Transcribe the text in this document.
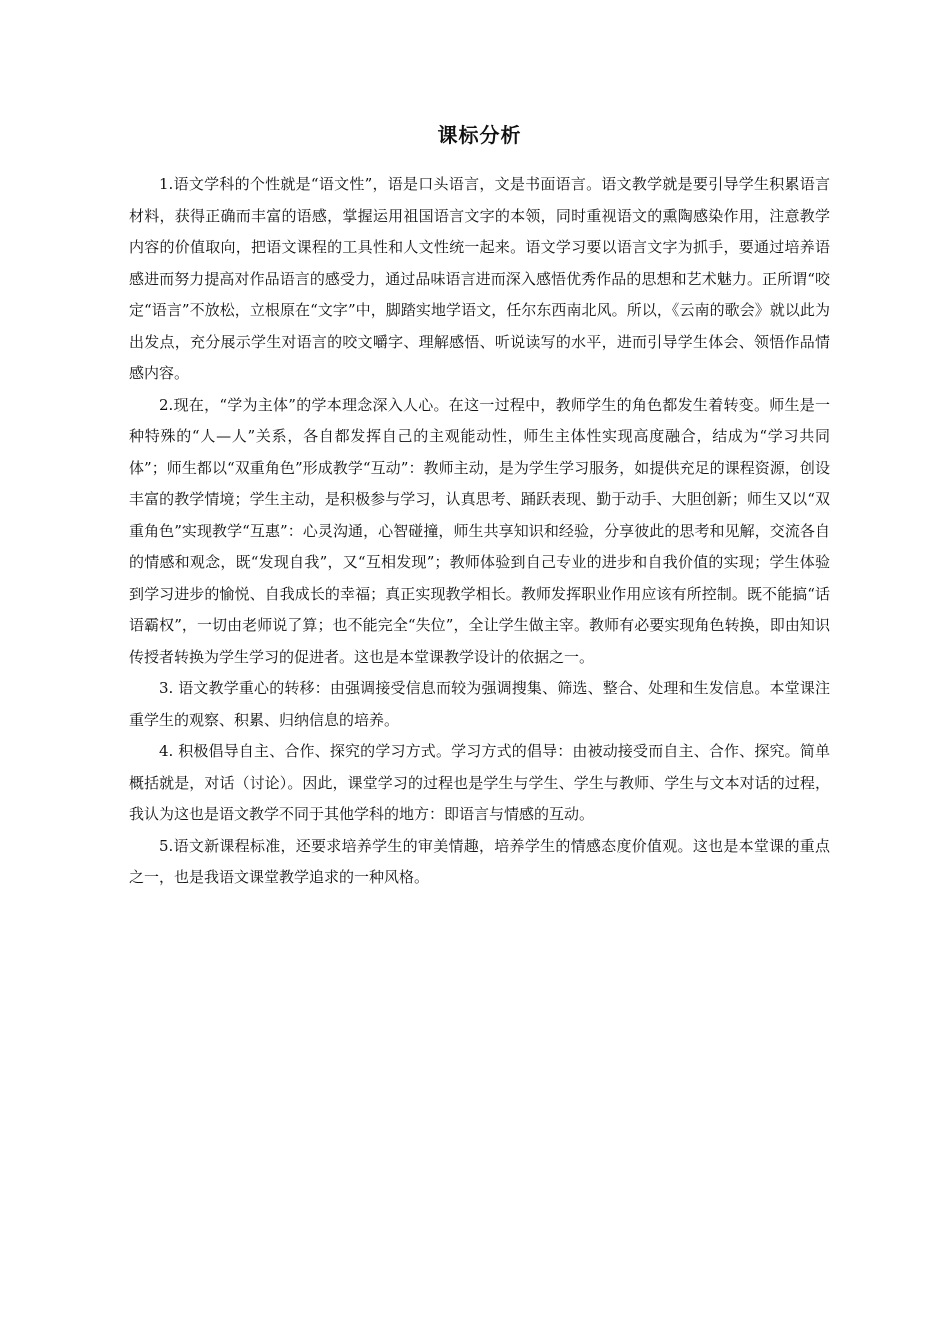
课标分析

1.语文学科的个性就是“语文性”，语是口头语言，文是书面语言。语文教学就是要引导学生积累语言材料，获得正确而丰富的语感，掌握运用祖国语言文字的本领，同时重视语文的熏陶感染作用，注意教学内容的价值取向，把语文课程的工具性和人文性统一起来。语文学习要以语言文字为抓手，要通过培养语感进而努力提高对作品语言的感受力，通过品味语言进而深入感悟优秀作品的思想和艺术魅力。正所谓“咬定“语言”不放松，立根原在“文字”中，脚踏实地学语文，任尔东西南北风。所以，《云南的歌会》就以此为出发点，充分展示学生对语言的咬文嚼字、理解感悟、听说读写的水平，进而引导学生体会、领悟作品情感内容。

2.现在，“学为主体”的学本理念深入人心。在这一过程中，教师学生的角色都发生着转变。师生是一种特殊的“人—人”关系，各自都发挥自己的主观能动性，师生主体性实现高度融合，结成为“学习共同体”；师生都以“双重角色”形成教学“互动”：教师主动，是为学生学习服务，如提供充足的课程资源，创设丰富的教学情境；学生主动，是积极参与学习，认真思考、踊跃表现、勤于动手、大胆创新；师生又以“双重角色”实现教学“互惠”：心灵沟通，心智碰撞，师生共享知识和经验，分享彼此的思考和见解，交流各自的情感和观念，既“发现自我”，又“互相发现”；教师体验到自己专业的进步和自我价值的实现；学生体验到学习进步的愉悦、自我成长的幸福；真正实现教学相长。教师发挥职业作用应该有所控制。既不能搞“话语霸权”，一切由老师说了算；也不能完全“失位”，全让学生做主宰。教师有必要实现角色转换，即由知识传授者转换为学生学习的促进者。这也是本堂课教学设计的依据之一。

3. 语文教学重心的转移：由强调接受信息而较为强调搜集、筛选、整合、处理和生发信息。本堂课注重学生的观察、积累、归纳信息的培养。

4. 积极倡导自主、合作、探究的学习方式。学习方式的倡导：由被动接受而自主、合作、探究。简单概括就是，对话（讨论）。因此，课堂学习的过程也是学生与学生、学生与教师、学生与文本对话的过程，我认为这也是语文教学不同于其他学科的地方：即语言与情感的互动。

5.语文新课程标准，还要求培养学生的审美情趣，培养学生的情感态度价值观。这也是本堂课的重点之一，也是我语文课堂教学追求的一种风格。
